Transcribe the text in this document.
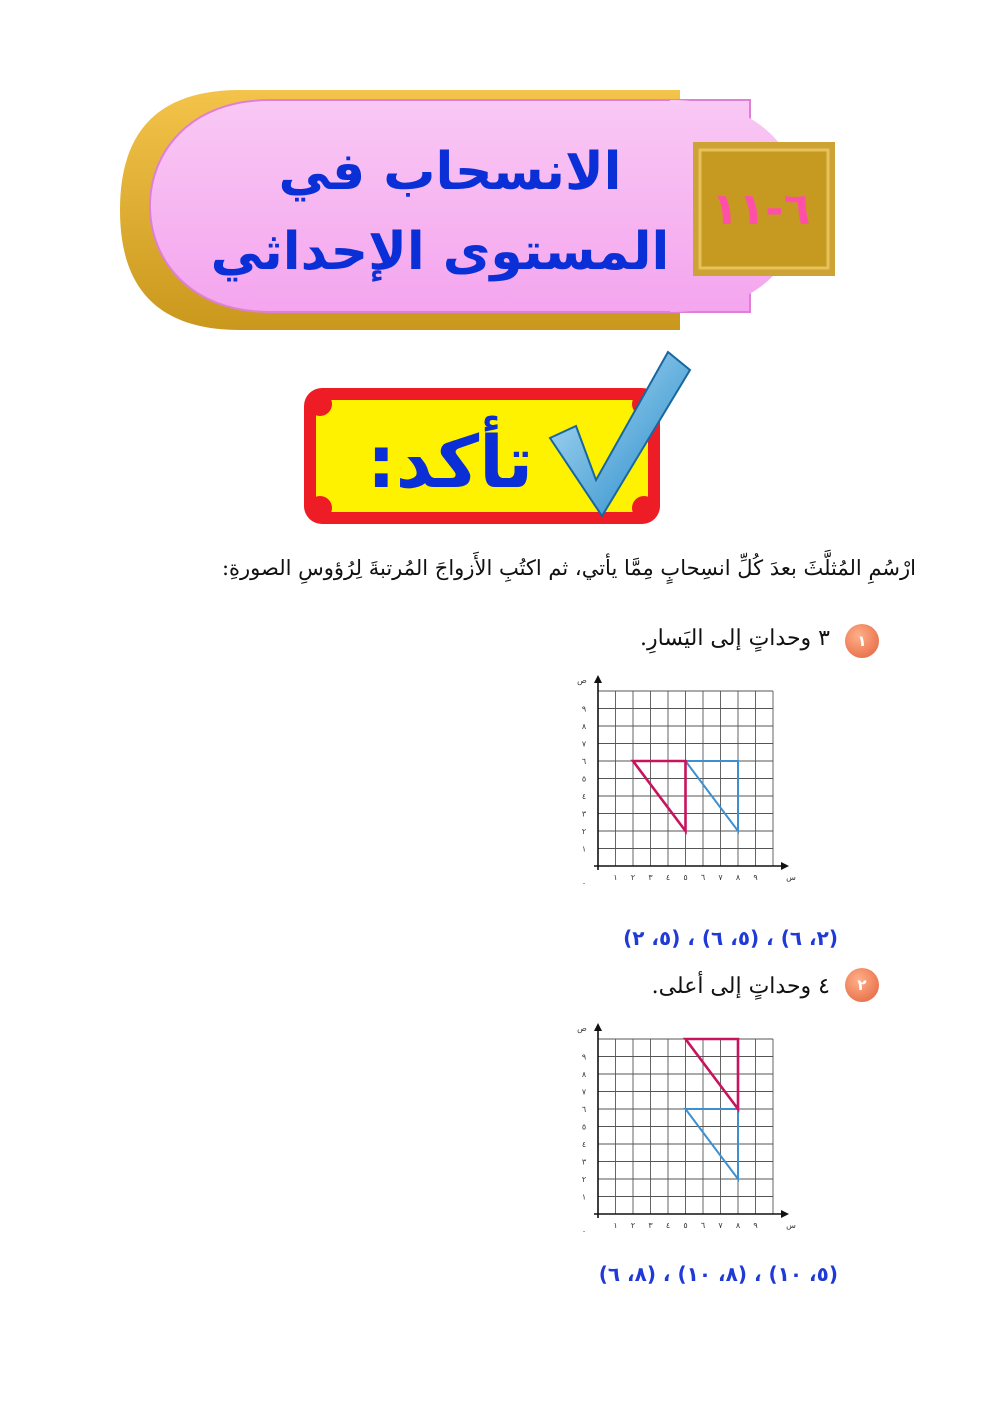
الانسحاب في
المستوى الإحداثي
٦-١١
تأكد:
ارْسُمِ المُثلَّثَ بعدَ كُلِّ انسِحابٍ مِمَّا يأتي، ثم اكتُبِ الأَزواجَ المُرتبةَ لِرُؤوسِ الصورةِ:
١
٣ وحداتٍ إلى اليَسارِ.
١ ٢ ٣ ٤ ٥ ٦ ٧ ٨ ٩
١
٢
٣
٤
٥
٦
٧
٨
٩
٠
س
ص
(٢، ٦) ، (٥، ٦) ، (٥، ٢)
٢
٤ وحداتٍ إلى أعلى.
١ ٢ ٣ ٤ ٥ ٦ ٧ ٨ ٩
١
٢
٣
٤
٥
٦
٧
٨
٩
٠
س
ص
(٥، ١٠) ، (٨، ١٠) ، (٨، ٦)
